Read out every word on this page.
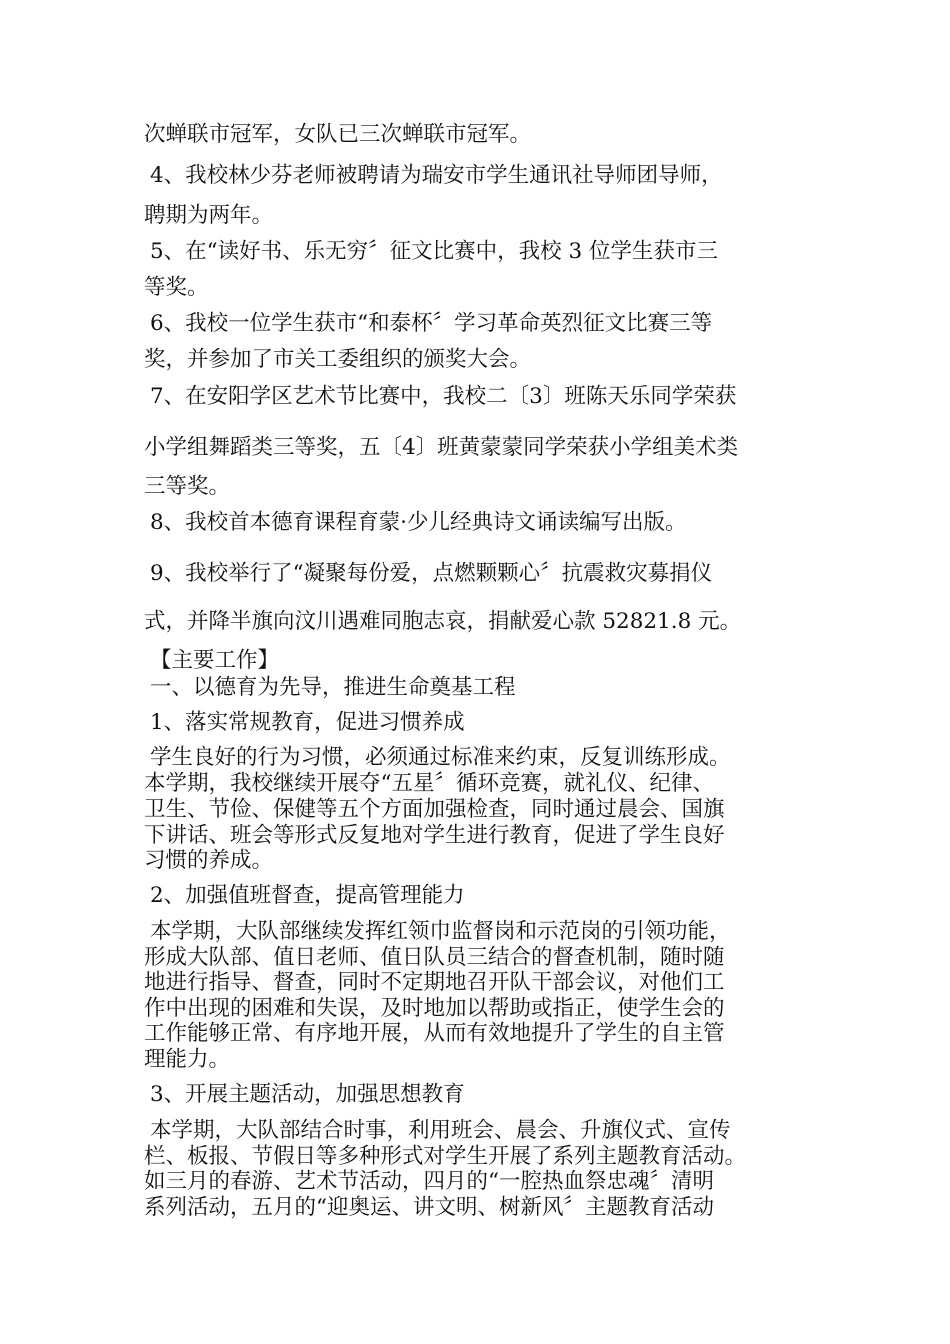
次蝉联市冠军，女队已三次蝉联市冠军。
4、我校林少芬老师被聘请为瑞安市学生通讯社导师团导师，
聘期为两年。
5、在“读好书、乐无穷〞征文比赛中，我校 3 位学生获市三
等奖。
6、我校一位学生获市“和泰杯〞学习革命英烈征文比赛三等
奖，并参加了市关工委组织的颁奖大会。
7、在安阳学区艺术节比赛中，我校二〔3〕班陈天乐同学荣获
小学组舞蹈类三等奖，五〔4〕班黄蒙蒙同学荣获小学组美术类
三等奖。
8、我校首本德育课程育蒙·少儿经典诗文诵读编写出版。
9、我校举行了“凝聚每份爱，点燃颗颗心〞抗震救灾募捐仪
式，并降半旗向汶川遇难同胞志哀，捐献爱心款 52821.8 元。
【主要工作】
一、以德育为先导，推进生命奠基工程
1、落实常规教育，促进习惯养成
学生良好的行为习惯，必须通过标准来约束，反复训练形成。
本学期，我校继续开展夺“五星〞循环竞赛，就礼仪、纪律、
卫生、节俭、保健等五个方面加强检查，同时通过晨会、国旗
下讲话、班会等形式反复地对学生进行教育，促进了学生良好
习惯的养成。
2、加强值班督查，提高管理能力
本学期，大队部继续发挥红领巾监督岗和示范岗的引领功能，
形成大队部、值日老师、值日队员三结合的督查机制，随时随
地进行指导、督查，同时不定期地召开队干部会议，对他们工
作中出现的困难和失误，及时地加以帮助或指正，使学生会的
工作能够正常、有序地开展，从而有效地提升了学生的自主管
理能力。
3、开展主题活动，加强思想教育
本学期，大队部结合时事，利用班会、晨会、升旗仪式、宣传
栏、板报、节假日等多种形式对学生开展了系列主题教育活动。
如三月的春游、艺术节活动，四月的“一腔热血祭忠魂〞清明
系列活动，五月的“迎奥运、讲文明、树新风〞主题教育活动
